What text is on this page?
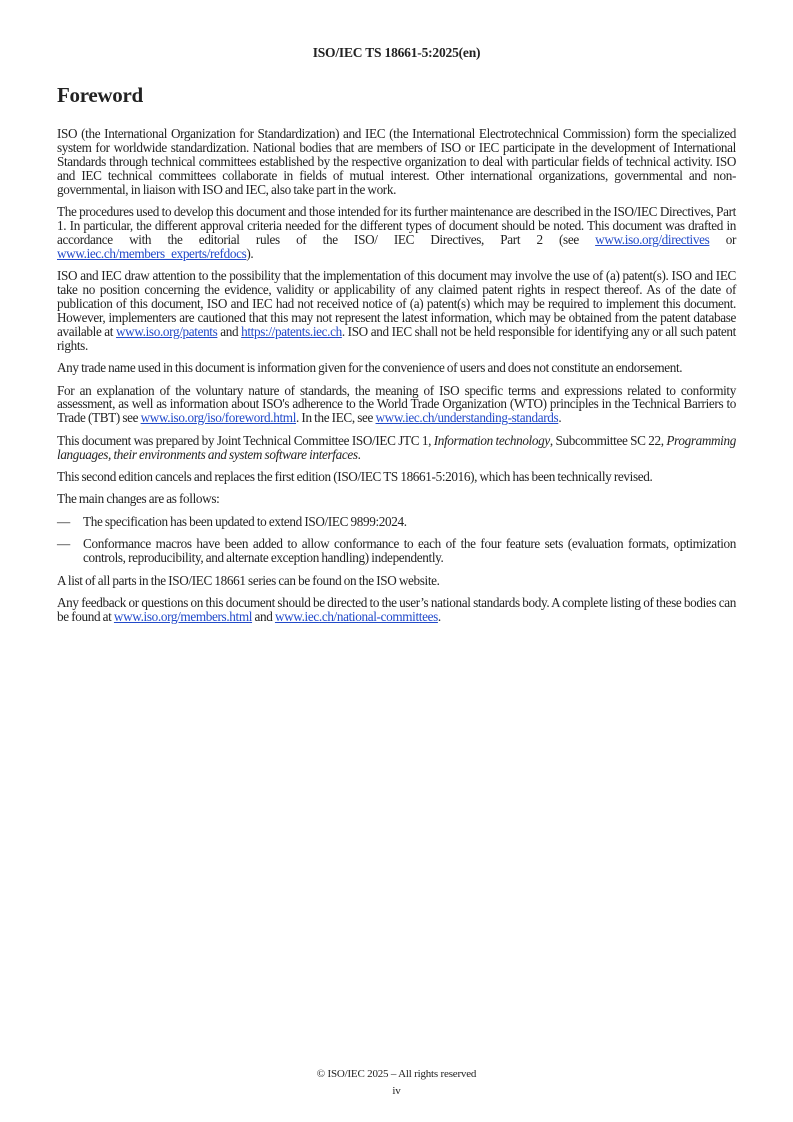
ISO/IEC TS 18661-5:2025(en)
Foreword

ISO (the International Organization for Standardization) and IEC (the International Electrotechnical Commission) form the specialized system for worldwide standardization. National bodies that are members of ISO or IEC participate in the development of International Standards through technical committees established by the respective organization to deal with particular fields of technical activity. ISO and IEC technical committees collaborate in fields of mutual interest. Other international organizations, governmental and non-governmental, in liaison with ISO and IEC, also take part in the work.

The procedures used to develop this document and those intended for its further maintenance are described in the ISO/IEC Directives, Part 1. In particular, the different approval criteria needed for the different types of document should be noted. This document was drafted in accordance with the editorial rules of the ISO/ IEC Directives, Part 2 (see www.iso.org/directives or www.iec.ch/members_experts/refdocs).

ISO and IEC draw attention to the possibility that the implementation of this document may involve the use of (a) patent(s). ISO and IEC take no position concerning the evidence, validity or applicability of any claimed patent rights in respect thereof. As of the date of publication of this document, ISO and IEC had not received notice of (a) patent(s) which may be required to implement this document. However, implementers are cautioned that this may not represent the latest information, which may be obtained from the patent database available at www.iso.org/patents and https://patents.iec.ch. ISO and IEC shall not be held responsible for identifying any or all such patent rights.

Any trade name used in this document is information given for the convenience of users and does not constitute an endorsement.

For an explanation of the voluntary nature of standards, the meaning of ISO specific terms and expressions related to conformity assessment, as well as information about ISO's adherence to the World Trade Organization (WTO) principles in the Technical Barriers to Trade (TBT) see www.iso.org/iso/foreword.html. In the IEC, see www.iec.ch/understanding-standards.

This document was prepared by Joint Technical Committee ISO/IEC JTC 1, Information technology, Subcommittee SC 22, Programming languages, their environments and system software interfaces.

This second edition cancels and replaces the first edition (ISO/IEC TS 18661-5:2016), which has been technically revised.

The main changes are as follows:

— The specification has been updated to extend ISO/IEC 9899:2024.
— Conformance macros have been added to allow conformance to each of the four feature sets (evaluation formats, optimization controls, reproducibility, and alternate exception handling) independently.

A list of all parts in the ISO/IEC 18661 series can be found on the ISO website.

Any feedback or questions on this document should be directed to the user’s national standards body. A complete listing of these bodies can be found at www.iso.org/members.html and www.iec.ch/national-committees.

© ISO/IEC 2025 – All rights reserved
iv
